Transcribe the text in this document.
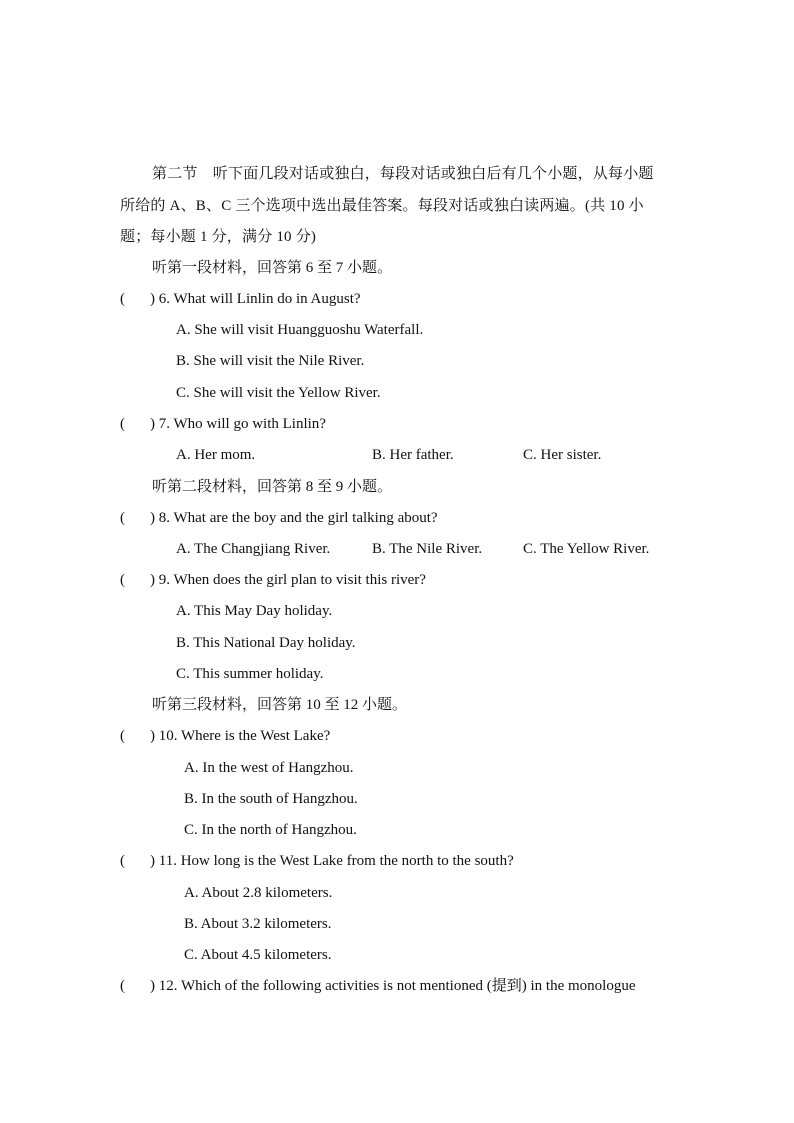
第二节　听下面几段对话或独白，每段对话或独白后有几个小题，从每小题
所给的 A、B、C 三个选项中选出最佳答案。每段对话或独白读两遍。(共 10 小
题；每小题 1 分，满分 10 分)
听第一段材料，回答第 6 至 7 小题。
( ) 6. What will Linlin do in August?
A. She will visit Huangguoshu Waterfall.
B. She will visit the Nile River.
C. She will visit the Yellow River.
( ) 7. Who will go with Linlin?
A. Her mom.	B. Her father.	C. Her sister.
听第二段材料，回答第 8 至 9 小题。
( ) 8. What are the boy and the girl talking about?
A. The Changjiang River.	B. The Nile River.	C. The Yellow River.
( ) 9. When does the girl plan to visit this river?
A. This May Day holiday.
B. This National Day holiday.
C. This summer holiday.
听第三段材料，回答第 10 至 12 小题。
( ) 10. Where is the West Lake?
A. In the west of Hangzhou.
B. In the south of Hangzhou.
C. In the north of Hangzhou.
( ) 11. How long is the West Lake from the north to the south?
A. About 2.8 kilometers.
B. About 3.2 kilometers.
C. About 4.5 kilometers.
( ) 12. Which of the following activities is not mentioned (提到) in the monologue
